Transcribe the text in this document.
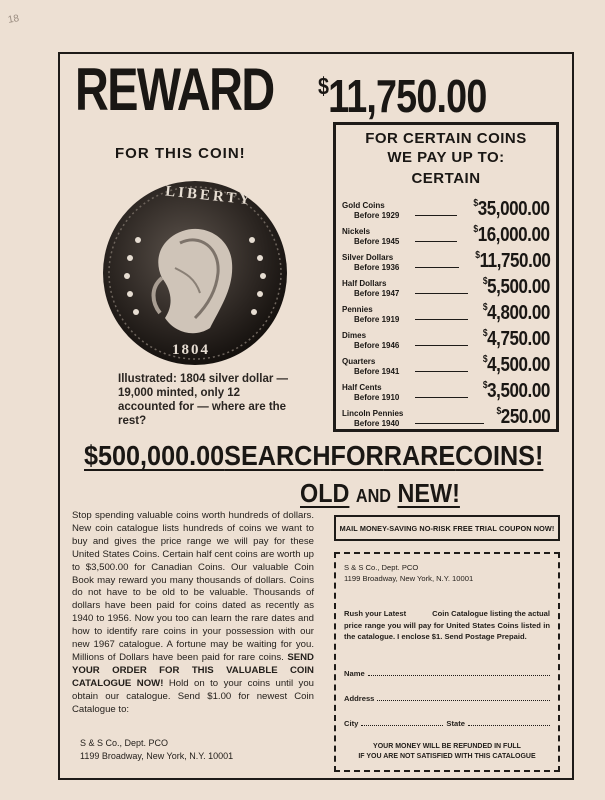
18
REWARD $11,750.00
FOR THIS COIN!
LIBERTY
1804
Illustrated: 1804 silver dollar — 19,000 minted, only 12 accounted for — where are the rest?
FOR CERTAIN COINS
WE PAY UP TO:
CERTAIN
Gold Coins
Before 1929
$35,000.00
Nickels
Before 1945
$16,000.00
Silver Dollars
Before 1936
$11,750.00
Half Dollars
Before 1947
$5,500.00
Pennies
Before 1919
$4,800.00
Dimes
Before 1946
$4,750.00
Quarters
Before 1941
$4,500.00
Half Cents
Before 1910
$3,500.00
Lincoln Pennies
Before 1940
$250.00
$500,000.00 SEARCH FOR RARE COINS!
OLD AND NEW!
Stop spending valuable coins worth hundreds of dollars. New coin catalogue lists hundreds of coins we want to buy and gives the price range we will pay for these United States Coins. Certain half cent coins are worth up to $3,500.00 for Canadian Coins. Our valuable Coin Book may reward you many thousands of dollars. Coins do not have to be old to be valuable. Thousands of dollars have been paid for coins dated as recently as 1940 to 1956. Now you too can learn the rare dates and how to identify rare coins in your possession with our new 1967 catalogue. A fortune may be waiting for you. Millions of Dollars have been paid for rare coins. SEND YOUR ORDER FOR THIS VALUABLE COIN CATALOGUE NOW! Hold on to your coins until you obtain our catalogue. Send $1.00 for newest Coin Catalogue to:
S & S Co., Dept. PCO
1199 Broadway, New York, N.Y. 10001
MAIL MONEY-SAVING NO-RISK FREE TRIAL COUPON NOW!
S & S Co., Dept. PCO
1199 Broadway, New York, N.Y. 10001
Rush your Latest	Coin Catalogue listing the actual price range you will pay for United States Coins listed in the catalogue. I enclose $1. Send Postage Prepaid.
Name
Address
City	State
YOUR MONEY WILL BE REFUNDED IN FULL
IF YOU ARE NOT SATISFIED WITH THIS CATALOGUE
